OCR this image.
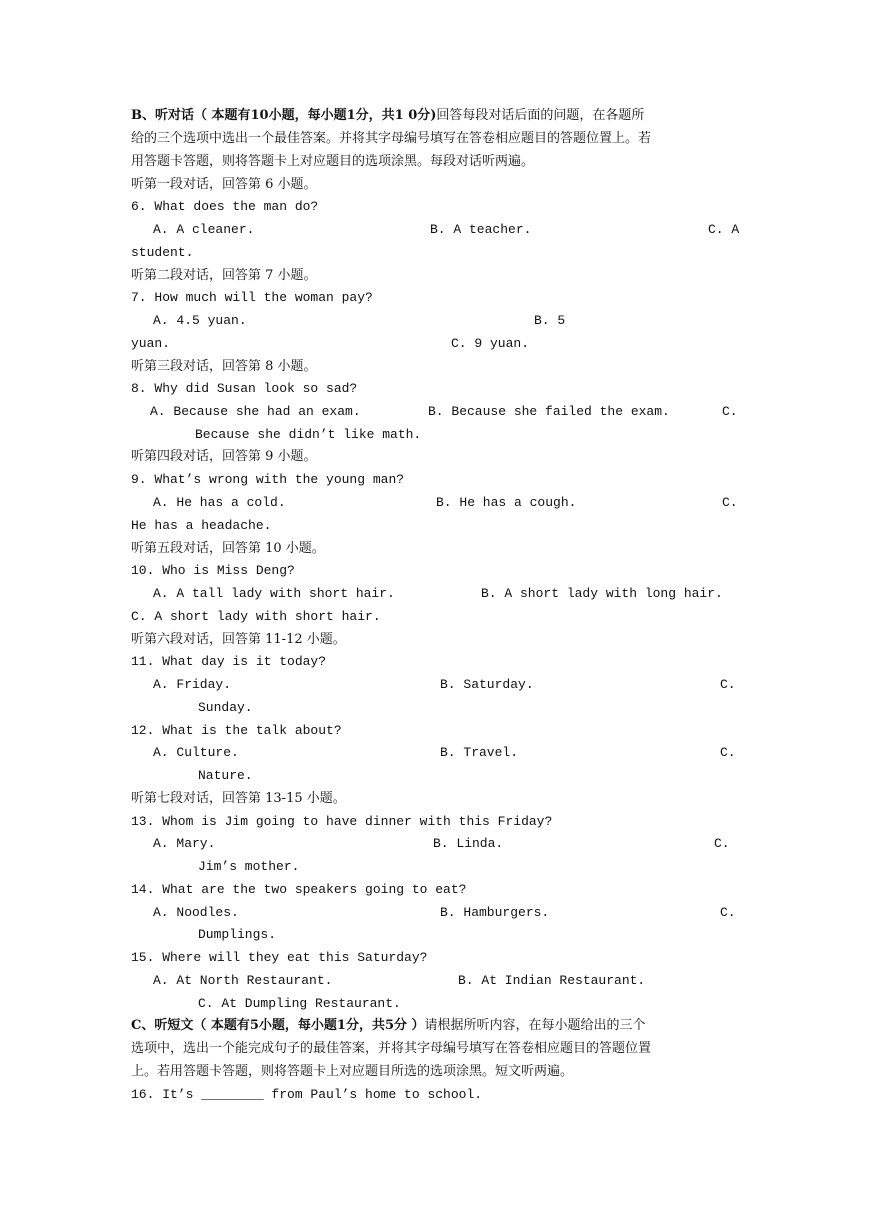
B、听对话（ 本题有10小题，每小题1分，共1 0分)回答每段对话后面的问题，在各题所
给的三个选项中选出一个最佳答案。并将其字母编号填写在答卷相应题目的答题位置上。若
用答题卡答题，则将答题卡上对应题目的选项涂黑。每段对话听两遍。
听第一段对话，回答第 6 小题。
6. What does the man do?
A. A cleaner.	B. A teacher.	C. A
student.
听第二段对话，回答第 7 小题。
7. How much will the woman pay?
A. 4.5 yuan.	B. 5
yuan.	C. 9 yuan.
听第三段对话，回答第 8 小题。
8. Why did Susan look so sad?
A. Because she had an exam.	B. Because she failed the exam.	C.
Because she didn’t like math.
听第四段对话，回答第 9 小题。
9. What’s wrong with the young man?
A. He has a cold.	B. He has a cough.	C.
He has a headache.
听第五段对话，回答第 10 小题。
10. Who is Miss Deng?
A. A tall lady with short hair.	B. A short lady with long hair.
C. A short lady with short hair.
听第六段对话，回答第 11-12 小题。
11. What day is it today?
A. Friday.	B. Saturday.	C.
Sunday.
12. What is the talk about?
A. Culture.	B. Travel.	C.
Nature.
听第七段对话，回答第 13-15 小题。
13. Whom is Jim going to have dinner with this Friday?
A. Mary.	B. Linda.	C.
Jim’s mother.
14. What are the two speakers going to eat?
A. Noodles.	B. Hamburgers.	C.
Dumplings.
15. Where will they eat this Saturday?
A. At North Restaurant.	B. At Indian Restaurant.
C. At Dumpling Restaurant.
C、听短文（ 本题有5小题，每小题1分，共5分 ）请根据所听内容，在每小题给出的三个
选项中，选出一个能完成句子的最佳答案，并将其字母编号填写在答卷相应题目的答题位置
上。若用答题卡答题，则将答题卡上对应题目所选的选项涂黑。短文听两遍。
16. It’s ________ from Paul’s home to school.
